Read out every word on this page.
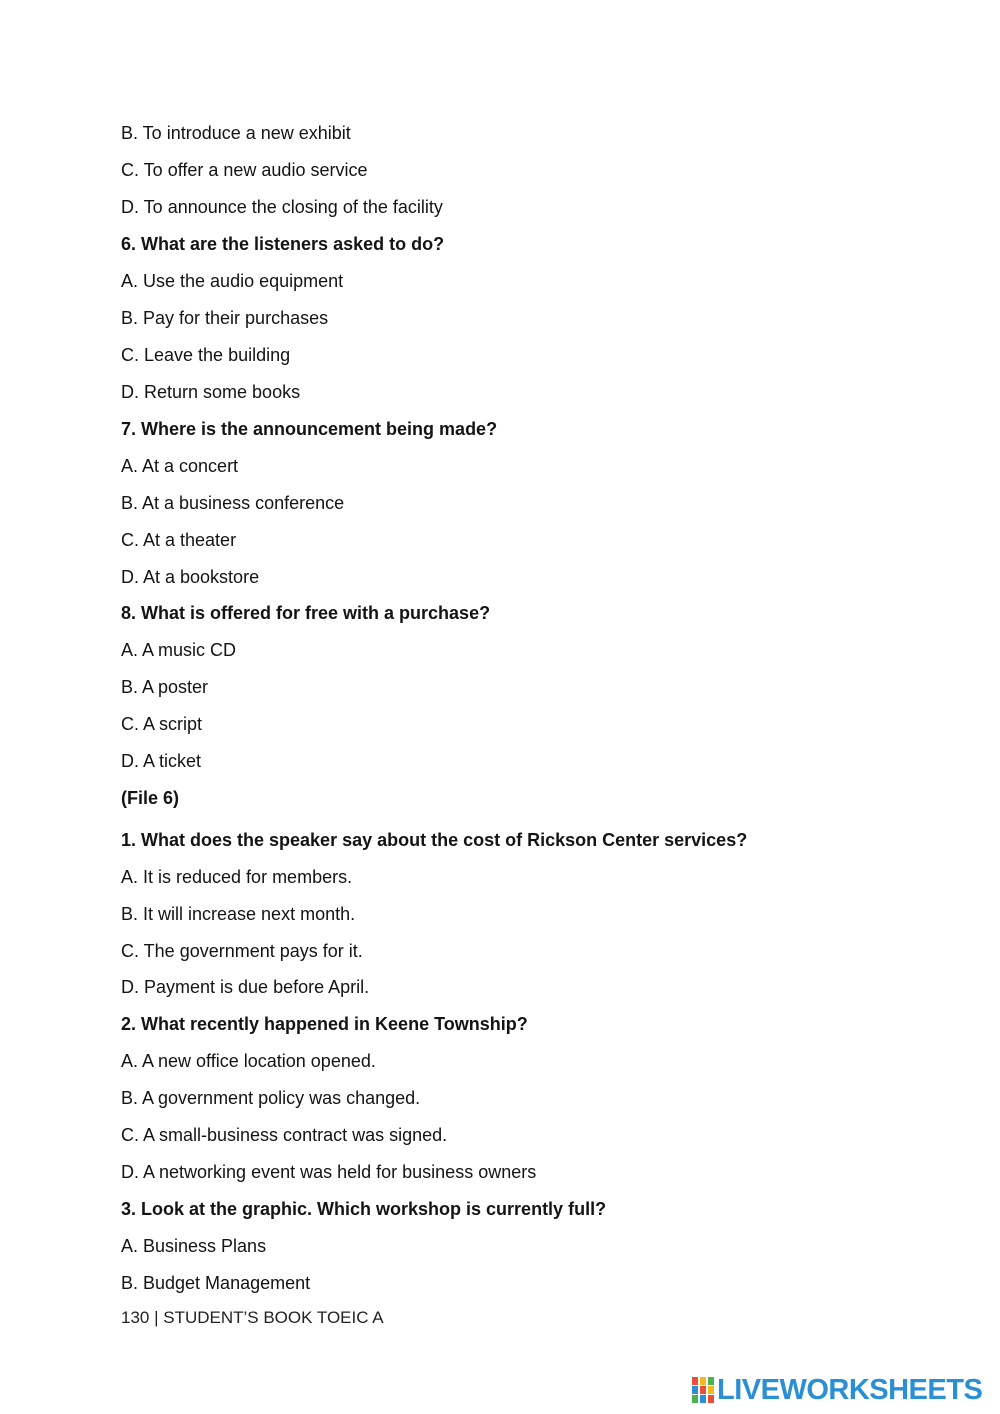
B. To introduce a new exhibit
C. To offer a new audio service
D. To announce the closing of the facility
6. What are the listeners asked to do?
A. Use the audio equipment
B. Pay for their purchases
C. Leave the building
D. Return some books
7. Where is the announcement being made?
A. At a concert
B. At a business conference
C. At a theater
D. At a bookstore
8. What is offered for free with a purchase?
A. A music CD
B. A poster
C. A script
D. A ticket
(File 6)
1. What does the speaker say about the cost of Rickson Center services?
A. It is reduced for members.
B. It will increase next month.
C. The government pays for it.
D. Payment is due before April.
2. What recently happened in Keene Township?
A. A new office location opened.
B. A government policy was changed.
C. A small-business contract was signed.
D. A networking event was held for business owners
3. Look at the graphic. Which workshop is currently full?
A. Business Plans
B. Budget Management
130 | STUDENT’S BOOK TOEIC A
LIVEWORKSHEETS
